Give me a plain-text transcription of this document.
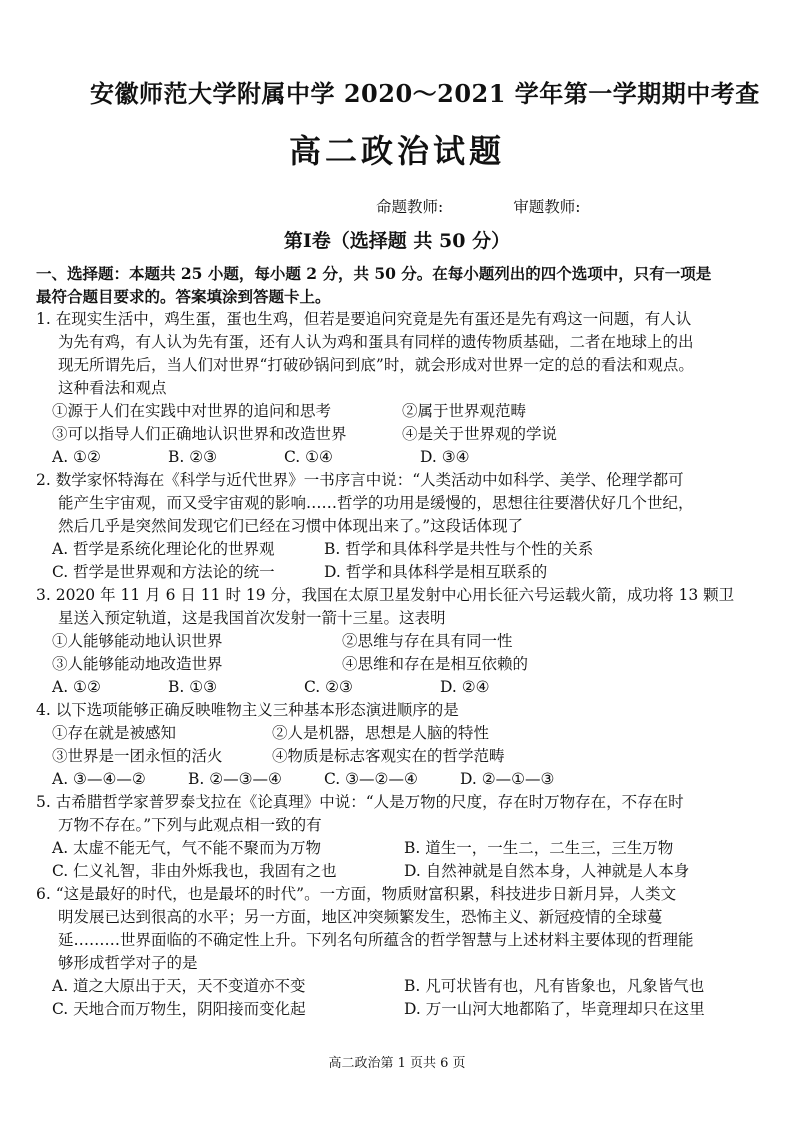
安徽师范大学附属中学 2020～2021 学年第一学期期中考查
高二政治试题
命题教师:	审题教师:
第Ⅰ卷（选择题 共 50 分）
一、选择题：本题共 25 小题，每小题 2 分，共 50 分。在每小题列出的四个选项中，只有一项是
最符合题目要求的。答案填涂到答题卡上。
1. 在现实生活中，鸡生蛋，蛋也生鸡，但若是要追问究竟是先有蛋还是先有鸡这一问题，有人认
为先有鸡，有人认为先有蛋，还有人认为鸡和蛋具有同样的遗传物质基础，二者在地球上的出
现无所谓先后，当人们对世界“打破砂锅问到底”时，就会形成对世界一定的总的看法和观点。
这种看法和观点
①源于人们在实践中对世界的追问和思考	②属于世界观范畴
③可以指导人们正确地认识世界和改造世界	④是关于世界观的学说
A. ①②	B. ②③	C. ①④	D. ③④
2. 数学家怀特海在《科学与近代世界》一书序言中说：“人类活动中如科学、美学、伦理学都可
能产生宇宙观，而又受宇宙观的影响……哲学的功用是缓慢的，思想往往要潜伏好几个世纪，
然后几乎是突然间发现它们已经在习惯中体现出来了。”这段话体现了
A. 哲学是系统化理论化的世界观	B. 哲学和具体科学是共性与个性的关系
C. 哲学是世界观和方法论的统一	D. 哲学和具体科学是相互联系的
3. 2020 年 11 月 6 日 11 时 19 分，我国在太原卫星发射中心用长征六号运载火箭，成功将 13 颗卫
星送入预定轨道，这是我国首次发射一箭十三星。这表明
①人能够能动地认识世界	②思维与存在具有同一性
③人能够能动地改造世界	④思维和存在是相互依赖的
A. ①②	B. ①③	C. ②③	D. ②④
4. 以下选项能够正确反映唯物主义三种基本形态演进顺序的是
①存在就是被感知	②人是机器，思想是人脑的特性
③世界是一团永恒的活火	④物质是标志客观实在的哲学范畴
A. ③—④—②	B. ②—③—④	C. ③—②—④	D. ②—①—③
5. 古希腊哲学家普罗泰戈拉在《论真理》中说：“人是万物的尺度，存在时万物存在，不存在时
万物不存在。”下列与此观点相一致的有
A. 太虚不能无气，气不能不聚而为万物	B. 道生一，一生二，二生三，三生万物
C. 仁义礼智，非由外烁我也，我固有之也	D. 自然神就是自然本身，人神就是人本身
6. “这是最好的时代，也是最坏的时代”。一方面，物质财富积累，科技进步日新月异，人类文
明发展已达到很高的水平；另一方面，地区冲突频繁发生，恐怖主义、新冠疫情的全球蔓
延………世界面临的不确定性上升。下列名句所蕴含的哲学智慧与上述材料主要体现的哲理能
够形成哲学对子的是
A. 道之大原出于天，天不变道亦不变	B. 凡可状皆有也，凡有皆象也，凡象皆气也
C. 天地合而万物生，阴阳接而变化起	D. 万一山河大地都陷了，毕竟理却只在这里
高二政治第 1 页共 6 页
